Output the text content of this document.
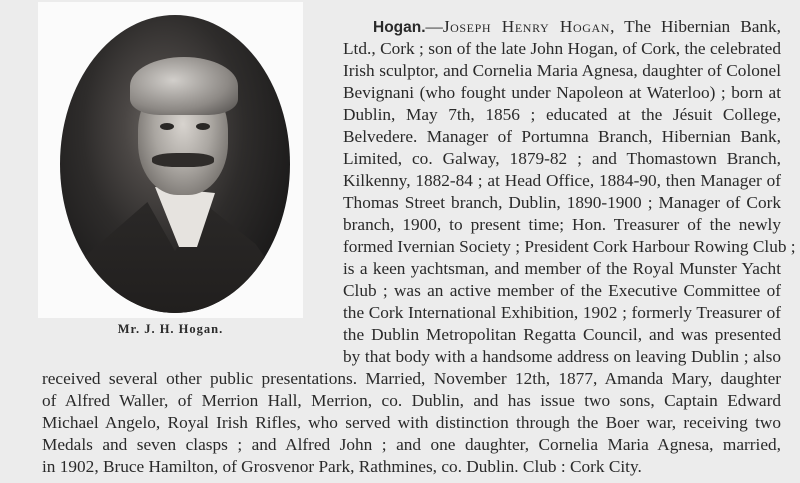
Mr. J. H. Hogan.
Hogan.—Joseph Henry Hogan, The Hibernian Bank,
Ltd., Cork ; son of the late John Hogan, of Cork, the celebrated
Irish sculptor, and Cornelia Maria Agnesa, daughter of Colonel
Bevignani (who fought under Napoleon at Waterloo) ; born at
Dublin, May 7th, 1856 ; educated at the Jésuit College,
Belvedere. Manager of Portumna Branch, Hibernian Bank,
Limited, co. Galway, 1879-82 ; and Thomastown Branch,
Kilkenny, 1882-84 ; at Head Office, 1884-90, then Manager of
Thomas Street branch, Dublin, 1890-1900 ; Manager of Cork
branch, 1900, to present time; Hon. Treasurer of the newly
formed Ivernian Society ; President Cork Harbour Rowing Club ;
is a keen yachtsman, and member of the Royal Munster Yacht
Club ; was an active member of the Executive Committee of
the Cork International Exhibition, 1902 ; formerly Treasurer of
the Dublin Metropolitan Regatta Council, and was presented
by that body with a handsome address on leaving Dublin ; also
received several other public presentations. Married, November 12th, 1877, Amanda Mary, daughter
of Alfred Waller, of Merrion Hall, Merrion, co. Dublin, and has issue two sons, Captain Edward
Michael Angelo, Royal Irish Rifles, who served with distinction through the Boer war, receiving two
Medals and seven clasps ; and Alfred John ; and one daughter, Cornelia Maria Agnesa, married,
in 1902, Bruce Hamilton, of Grosvenor Park, Rathmines, co. Dublin. Club : Cork City.
